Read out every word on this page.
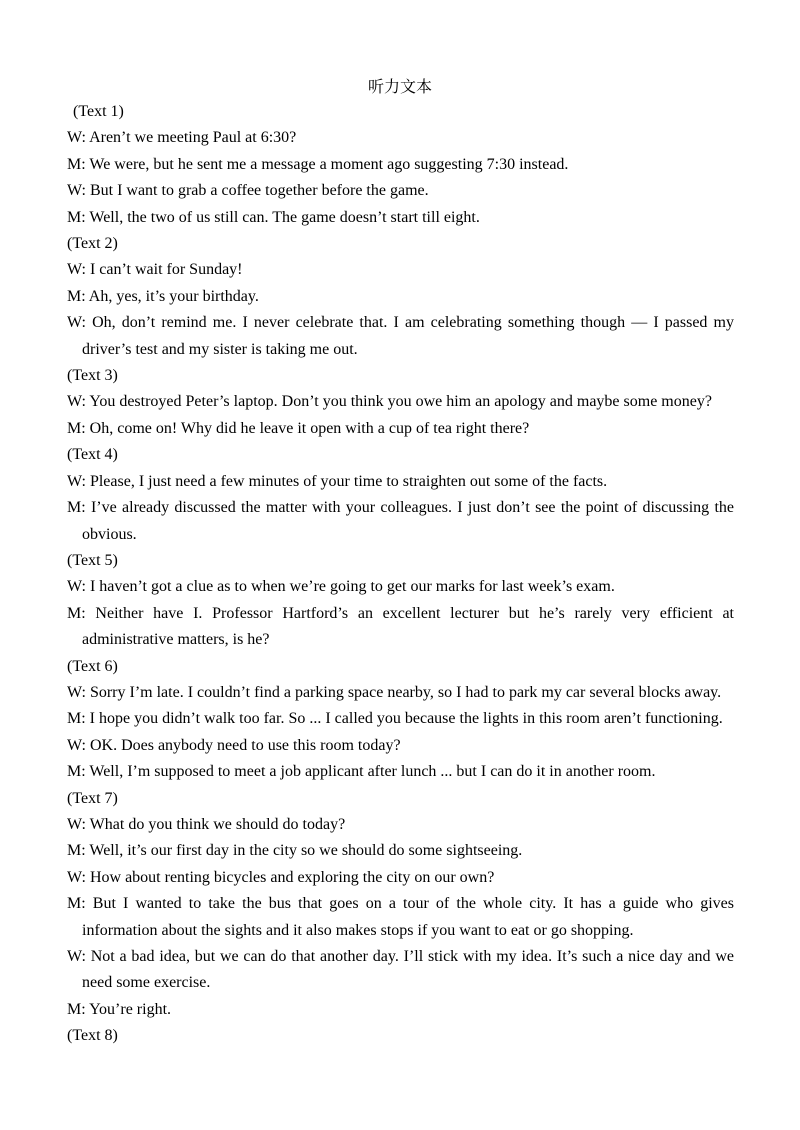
听力文本

(Text 1)

W: Aren’t we meeting Paul at 6:30?

M: We were, but he sent me a message a moment ago suggesting 7:30 instead.

W: But I want to grab a coffee together before the game.

M: Well, the two of us still can. The game doesn’t start till eight.

(Text 2)

W: I can’t wait for Sunday!

M: Ah, yes, it’s your birthday.

W: Oh, don’t remind me. I never celebrate that. I am celebrating something though — I passed my driver’s test and my sister is taking me out.

(Text 3)

W: You destroyed Peter’s laptop. Don’t you think you owe him an apology and maybe some money?

M: Oh, come on! Why did he leave it open with a cup of tea right there?

(Text 4)

W: Please, I just need a few minutes of your time to straighten out some of the facts.

M: I’ve already discussed the matter with your colleagues. I just don’t see the point of discussing the obvious.

(Text 5)

W: I haven’t got a clue as to when we’re going to get our marks for last week’s exam.

M: Neither have I. Professor Hartford’s an excellent lecturer but he’s rarely very efficient at administrative matters, is he?

(Text 6)

W: Sorry I’m late. I couldn’t find a parking space nearby, so I had to park my car several blocks away.

M: I hope you didn’t walk too far. So ... I called you because the lights in this room aren’t functioning.

W: OK. Does anybody need to use this room today?

M: Well, I’m supposed to meet a job applicant after lunch ... but I can do it in another room.

(Text 7)

W: What do you think we should do today?

M: Well, it’s our first day in the city so we should do some sightseeing.

W: How about renting bicycles and exploring the city on our own?

M: But I wanted to take the bus that goes on a tour of the whole city. It has a guide who gives information about the sights and it also makes stops if you want to eat or go shopping.

W: Not a bad idea, but we can do that another day. I’ll stick with my idea. It’s such a nice day and we need some exercise.

M: You’re right.

(Text 8)
